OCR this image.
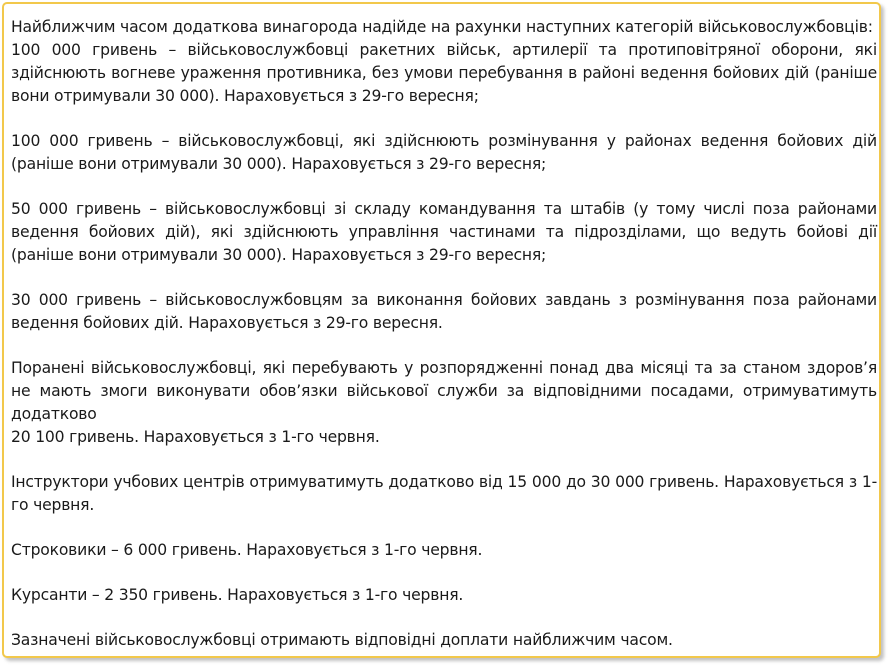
Найближчим часом додаткова винагорода надійде на рахунки наступних категорій військовослужбовців:

100 000 гривень – військовослужбовці ракетних військ, артилерії та протиповітряної оборони, які здійснюють вогневе ураження противника, без умови перебування в районі ведення бойових дій (раніше вони отримували 30 000). Нараховується з 29-го вересня;

100 000 гривень – військовослужбовці, які здійснюють розмінування у районах ведення бойових дій (раніше вони отримували 30 000). Нараховується з 29-го вересня;

50 000 гривень – військовослужбовці зі складу командування та штабів (у тому числі поза районами ведення бойових дій), які здійснюють управління частинами та підрозділами, що ведуть бойові дії (раніше вони отримували 30 000). Нараховується з 29-го вересня;

30 000 гривень – військовослужбовцям за виконання бойових завдань з розмінування поза районами ведення бойових дій. Нараховується з 29-го вересня.

Поранені військовослужбовці, які перебувають у розпорядженні понад два місяці та за станом здоров’я не мають змоги виконувати обов’язки військової служби за відповідними посадами, отримуватимуть додатково
20 100 гривень. Нараховується з 1-го червня.

Інструктори учбових центрів отримуватимуть додатково від 15 000 до 30 000 гривень. Нараховується з 1-го червня.

Строковики – 6 000 гривень. Нараховується з 1-го червня.

Курсанти – 2 350 гривень. Нараховується з 1-го червня.

Зазначені військовослужбовці отримають відповідні доплати найближчим часом.
